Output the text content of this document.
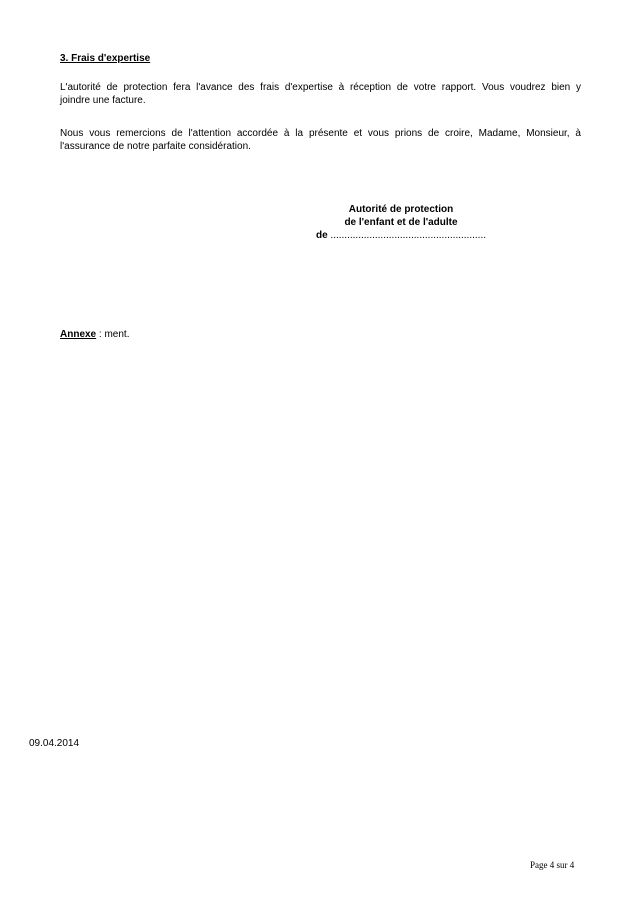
3. Frais d'expertise
L'autorité de protection fera l'avance des frais d'expertise à réception de votre rapport. Vous voudrez bien y
joindre une facture.
Nous vous remercions de l'attention accordée à la présente et vous prions de croire, Madame, Monsieur, à
l'assurance de notre parfaite considération.
Autorité de protection
de l'enfant et de l'adulte
de ........................................................
Annexe : ment.
09.04.2014
Page 4 sur 4
